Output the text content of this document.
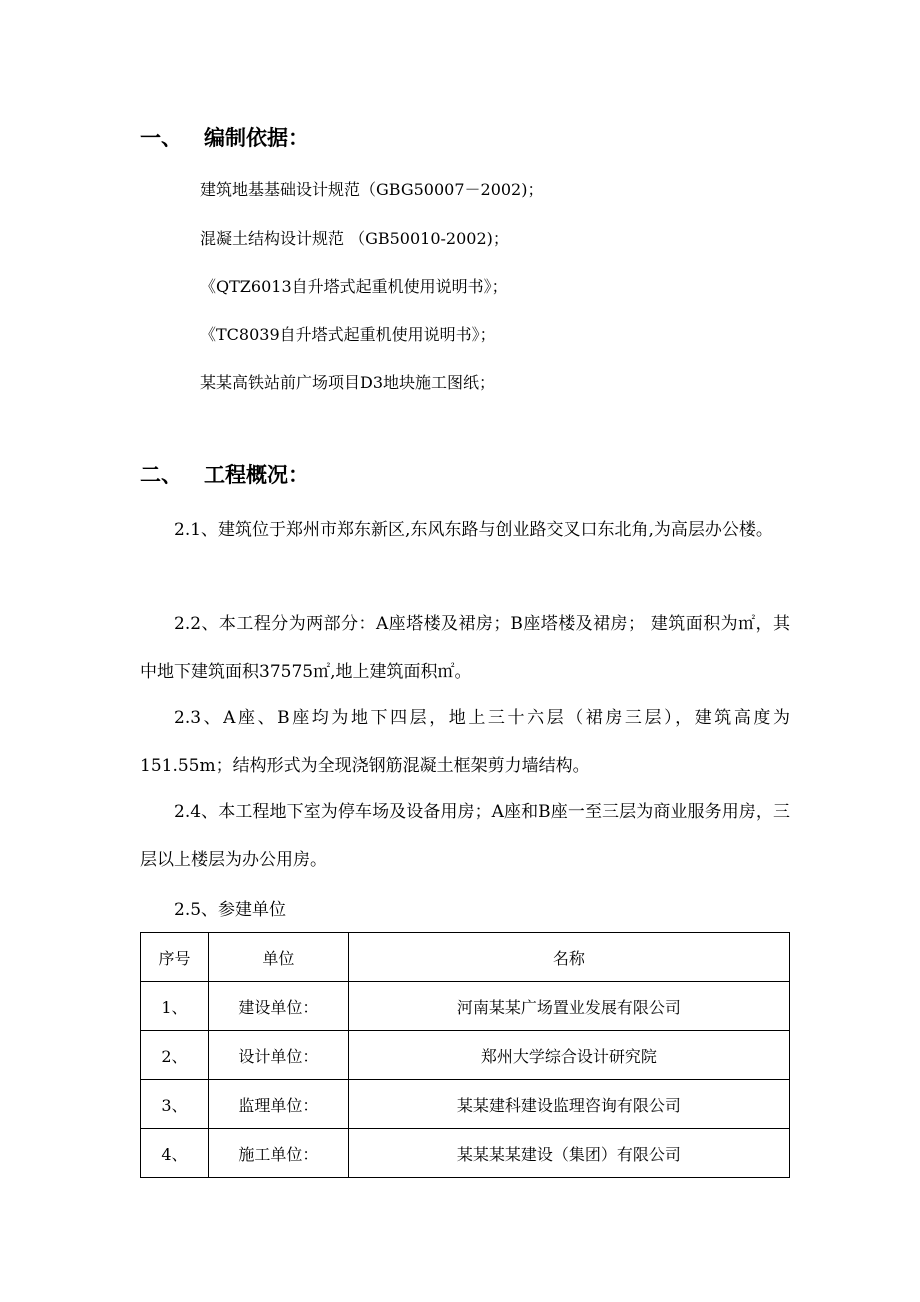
一、 编制依据：
建筑地基基础设计规范（GBG50007－2002)；
混凝土结构设计规范 （GB50010-2002)；
《QTZ6013自升塔式起重机使用说明书》；
《TC8039自升塔式起重机使用说明书》；
某某高铁站前广场项目D3地块施工图纸；
二、 工程概况：
2.1、建筑位于郑州市郑东新区,东风东路与创业路交叉口东北角,为高层办公楼。
2.2、本工程分为两部分：A座塔楼及裙房；B座塔楼及裙房； 建筑面积为㎡，其中地下建筑面积37575㎡,地上建筑面积㎡。
2.3、A座、B座均为地下四层，地上三十六层（裙房三层），建筑高度为151.55m；结构形式为全现浇钢筋混凝土框架剪力墙结构。
2.4、本工程地下室为停车场及设备用房；A座和B座一至三层为商业服务用房，三层以上楼层为办公用房。
2.5、参建单位
序号	单位	名称
1、	建设单位：	河南某某广场置业发展有限公司
2、	设计单位：	郑州大学综合设计研究院
3、	监理单位：	某某建科建设监理咨询有限公司
4、	施工单位：	某某某某建设（集团）有限公司
